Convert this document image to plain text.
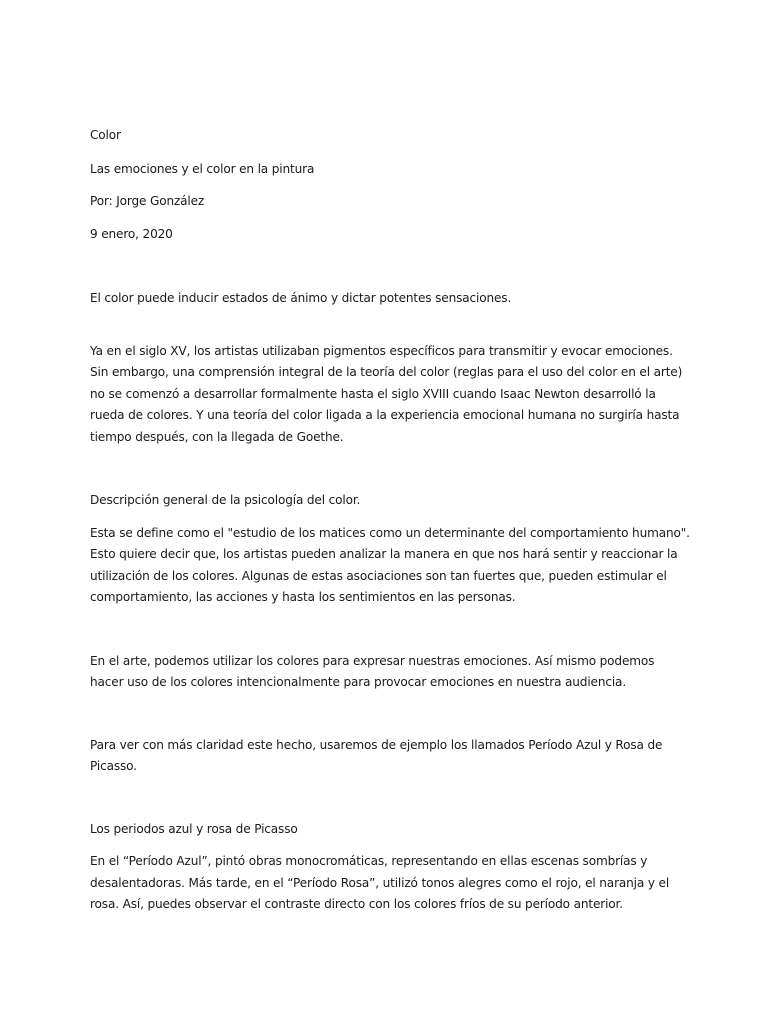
Color

Las emociones y el color en la pintura

Por: Jorge González

9 enero, 2020

El color puede inducir estados de ánimo y dictar potentes sensaciones.

Ya en el siglo XV, los artistas utilizaban pigmentos específicos para transmitir y evocar emociones. Sin embargo, una comprensión integral de la teoría del color (reglas para el uso del color en el arte) no se comenzó a desarrollar formalmente hasta el siglo XVIII cuando Isaac Newton desarrolló la rueda de colores. Y una teoría del color ligada a la experiencia emocional humana no surgiría hasta tiempo después, con la llegada de Goethe.

Descripción general de la psicología del color.

Esta se define como el "estudio de los matices como un determinante del comportamiento humano". Esto quiere decir que, los artistas pueden analizar la manera en que nos hará sentir y reaccionar la utilización de los colores. Algunas de estas asociaciones son tan fuertes que, pueden estimular el comportamiento, las acciones y hasta los sentimientos en las personas.

En el arte, podemos utilizar los colores para expresar nuestras emociones. Así mismo podemos hacer uso de los colores intencionalmente para provocar emociones en nuestra audiencia.

Para ver con más claridad este hecho, usaremos de ejemplo los llamados Período Azul y Rosa de Picasso.

Los periodos azul y rosa de Picasso

En el “Período Azul”, pintó obras monocromáticas, representando en ellas escenas sombrías y desalentadoras. Más tarde, en el “Período Rosa”, utilizó tonos alegres como el rojo, el naranja y el rosa. Así, puedes observar el contraste directo con los colores fríos de su período anterior.
